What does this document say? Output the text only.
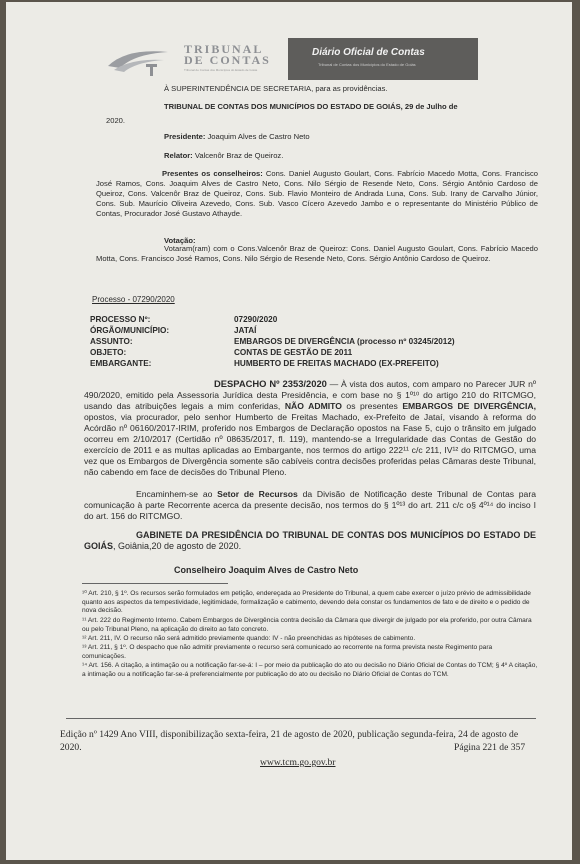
TRIBUNAL
DE CONTAS
Tribunal de Contas dos Municípios do Estado de Goiás
Diário Oficial de Contas
Tribunal de Contas dos Municípios do Estado de Goiás
À SUPERINTENDÊNCIA DE SECRETARIA, para as providências.
TRIBUNAL DE CONTAS DOS MUNICÍPIOS DO ESTADO DE GOIÁS, 29 de Julho de
2020.
Presidente: Joaquim Alves de Castro Neto
Relator: Valcenôr Braz de Queiroz.
Presentes os conselheiros: Cons. Daniel Augusto Goulart, Cons. Fabrício Macedo Motta, Cons. Francisco José Ramos, Cons. Joaquim Alves de Castro Neto, Cons. Nilo Sérgio de Resende Neto, Cons. Sérgio Antônio Cardoso de Queiroz, Cons. Valcenôr Braz de Queiroz, Cons. Sub. Flavio Monteiro de Andrada Luna, Cons. Sub. Irany de Carvalho Júnior, Cons. Sub. Maurício Oliveira Azevedo, Cons. Sub. Vasco Cícero Azevedo Jambo e o representante do Ministério Público de Contas, Procurador José Gustavo Athayde.
Votação:
Votaram(ram) com o Cons.Valcenôr Braz de Queiroz: Cons. Daniel Augusto Goulart, Cons. Fabrício Macedo Motta, Cons. Francisco José Ramos, Cons. Nilo Sérgio de Resende Neto, Cons. Sérgio Antônio Cardoso de Queiroz.
Processo - 07290/2020
PROCESSO Nº:	07290/2020
ÓRGÃO/MUNICÍPIO:	JATAÍ
ASSUNTO:	EMBARGOS DE DIVERGÊNCIA (processo nº 03245/2012)
OBJETO:	CONTAS DE GESTÃO DE 2011
EMBARGANTE:	HUMBERTO DE FREITAS MACHADO (EX-PREFEITO)
DESPACHO Nº 2353/2020 — À vista dos autos, com amparo no Parecer JUR nº 490/2020, emitido pela Assessoria Jurídica desta Presidência, e com base no § 1º¹⁰ do artigo 210 do RITCMGO, usando das atribuições legais a mim conferidas, NÃO ADMITO os presentes EMBARGOS DE DIVERGÊNCIA, opostos, via procurador, pelo senhor Humberto de Freitas Machado, ex-Prefeito de Jataí, visando à reforma do Acórdão nº 06160/2017-IRIM, proferido nos Embargos de Declaração opostos na Fase 5, cujo o trânsito em julgado ocorreu em 2/10/2017 (Certidão nº 08635/2017, fl. 119), mantendo-se a Irregularidade das Contas de Gestão do exercício de 2011 e as multas aplicadas ao Embargante, nos termos do artigo 222¹¹ c/c 211, IV¹² do RITCMGO, uma vez que os Embargos de Divergência somente são cabíveis contra decisões proferidas pelas Câmaras deste Tribunal, não cabendo em face de decisões do Tribunal Pleno.
Encaminhem-se ao Setor de Recursos da Divisão de Notificação deste Tribunal de Contas para comunicação à parte Recorrente acerca da presente decisão, nos termos do § 1º¹³ do art. 211 c/c o§ 4º¹⁴ do inciso I do art. 156 do RITCMGO.
GABINETE DA PRESIDÊNCIA DO TRIBUNAL DE CONTAS DOS MUNICÍPIOS DO ESTADO DE GOIÁS, Goiânia,20 de agosto de 2020.
Conselheiro Joaquim Alves de Castro Neto
¹⁰ Art. 210, § 1º. Os recursos serão formulados em petição, endereçada ao Presidente do Tribunal, a quem cabe exercer o juízo prévio de admissibilidade quanto aos aspectos da tempestividade, legitimidade, formalização e cabimento, devendo dela constar os fundamentos de fato e de direito e o pedido de nova decisão.
¹¹ Art. 222 do Regimento Interno. Cabem Embargos de Divergência contra decisão da Câmara que divergir de julgado por ela proferido, por outra Câmara ou pelo Tribunal Pleno, na aplicação do direito ao fato concreto.
¹² Art. 211, IV. O recurso não será admitido previamente quando: IV - não preenchidas as hipóteses de cabimento.
¹³ Art. 211, § 1º. O despacho que não admitir previamente o recurso será comunicado ao recorrente na forma prevista neste Regimento para comunicações.
¹⁴ Art. 156. A citação, a intimação ou a notificação far-se-á: I – por meio da publicação do ato ou decisão no Diário Oficial de Contas do TCM; § 4º A citação, a intimação ou a notificação far-se-á preferencialmente por publicação do ato ou decisão no Diário Oficial de Contas do TCM.
Edição nº 1429 Ano VIII, disponibilização sexta-feira, 21 de agosto de 2020, publicação segunda-feira, 24 de agosto de 2020.	Página 221 de 357
www.tcm.go.gov.br
